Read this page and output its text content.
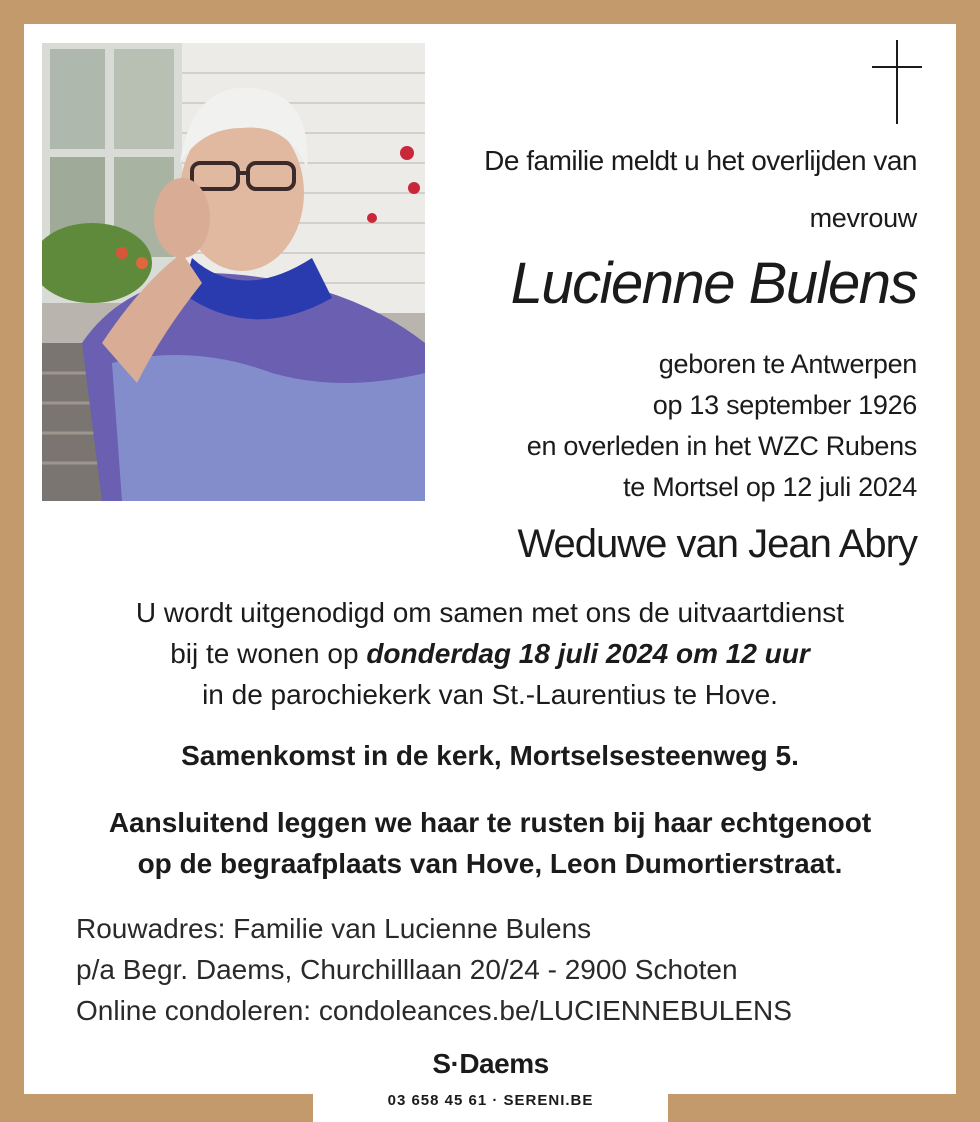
De familie meldt u het overlijden van
mevrouw
Lucienne Bulens
geboren te Antwerpen
op 13 september 1926
en overleden in het WZC Rubens
te Mortsel op 12 juli 2024
Weduwe van Jean Abry
U wordt uitgenodigd om samen met ons de uitvaartdienst
bij te wonen op donderdag 18 juli 2024 om 12 uur
in de parochiekerk van St.-Laurentius te Hove.
Samenkomst in de kerk, Mortselsesteenweg 5.
Aansluitend leggen we haar te rusten bij haar echtgenoot
op de begraafplaats van Hove, Leon Dumortierstraat.
Rouwadres: Familie van Lucienne Bulens
p/a Begr. Daems, Churchilllaan 20/24 - 2900 Schoten
Online condoleren: condoleances.be/LUCIENNEBULENS
S·Daems
03 658 45 61 · SERENI.BE
